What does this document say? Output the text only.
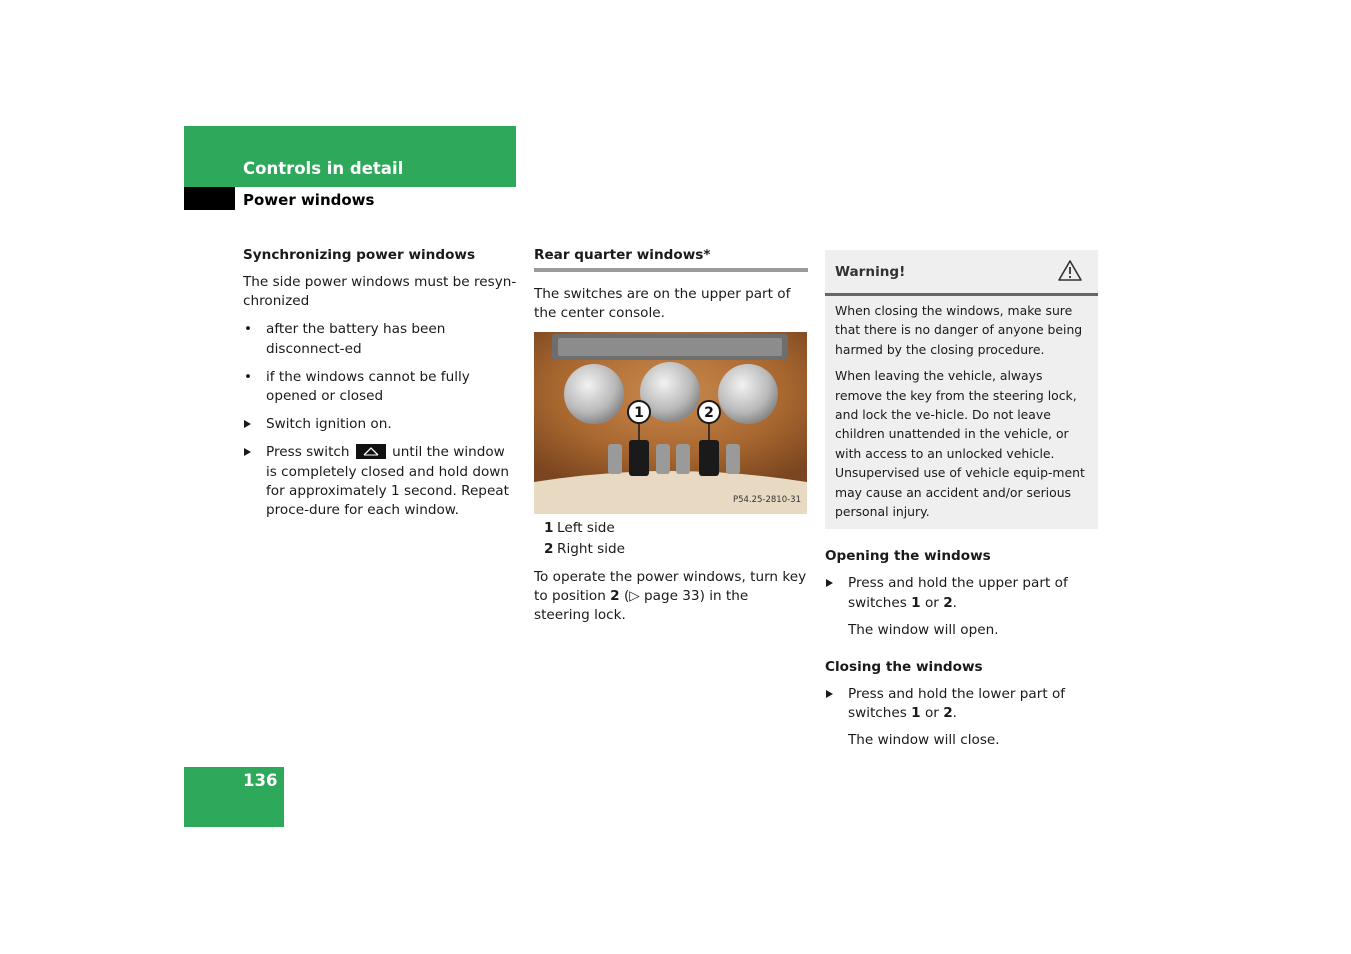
Controls in detail
Power windows
Synchronizing power windows
The side power windows must be resyn-chronized
• after the battery has been disconnect-ed
• if the windows cannot be fully opened or closed
Switch ignition on.
Press switch	until the window is completely closed and hold down for approximately 1 second. Repeat proce-dure for each window.
Rear quarter windows*
The switches are on the upper part of the center console.
1	2
P54.25-2810-31
1 Left side
2 Right side
To operate the power windows, turn key to position 2 (▷ page 33) in the steering lock.
Warning!

When closing the windows, make sure that there is no danger of anyone being harmed by the closing procedure.

When leaving the vehicle, always remove the key from the steering lock, and lock the ve-hicle. Do not leave children unattended in the vehicle, or with access to an unlocked vehicle. Unsupervised use of vehicle equip-ment may cause an accident and/or serious personal injury.

Opening the windows
Press and hold the upper part of switches 1 or 2.
The window will open.
Closing the windows
Press and hold the lower part of switches 1 or 2.
The window will close.
136
